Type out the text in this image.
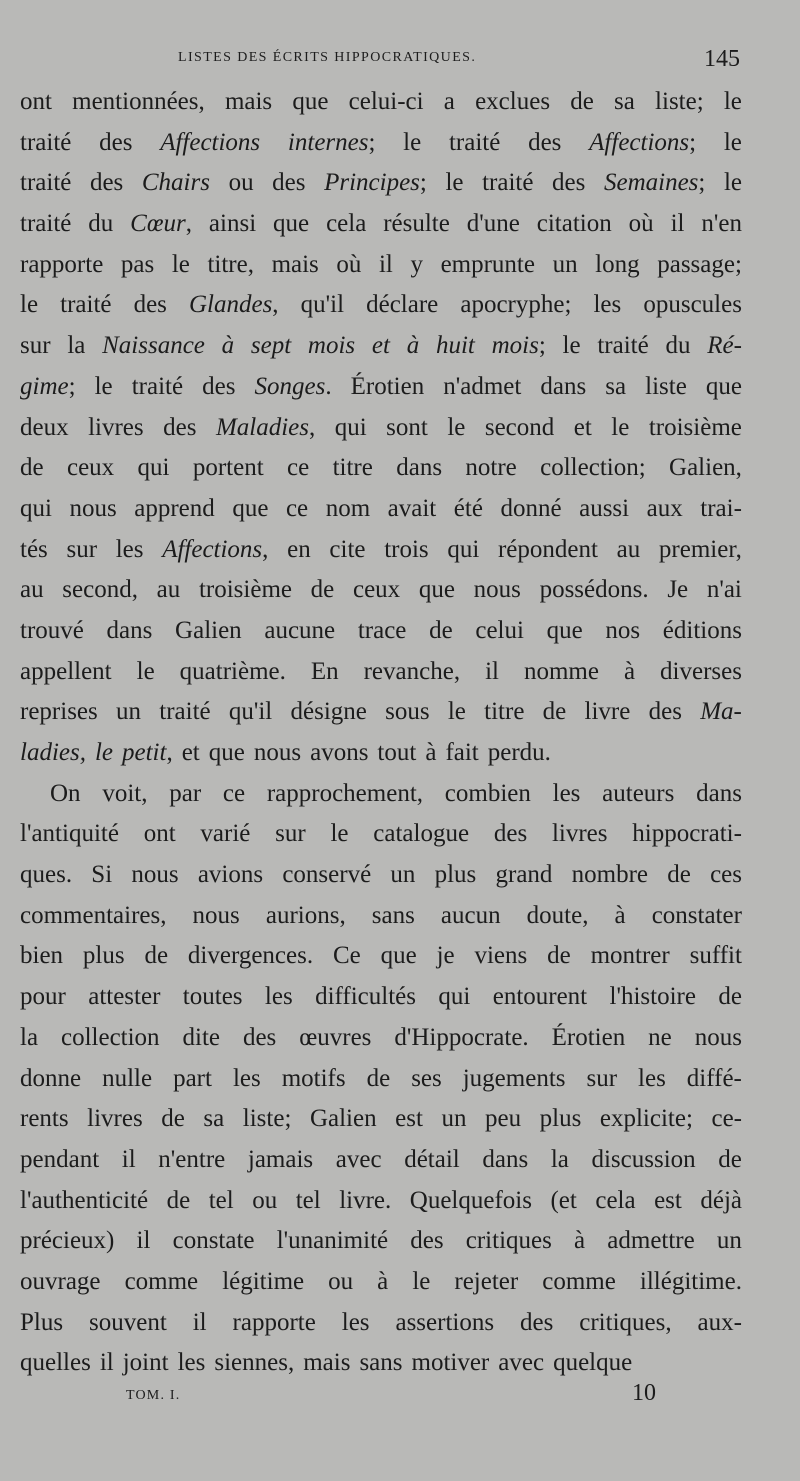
LISTES DES ÉCRITS HIPPOCRATIQUES.	145
ont mentionnées, mais que celui-ci a exclues de sa liste; le
traité des Affections internes; le traité des Affections; le
traité des Chairs ou des Principes; le traité des Semaines; le
traité du Cœur, ainsi que cela résulte d'une citation où il n'en
rapporte pas le titre, mais où il y emprunte un long passage;
le traité des Glandes, qu'il déclare apocryphe; les opuscules
sur la Naissance à sept mois et à huit mois; le traité du Ré-
gime; le traité des Songes. Érotien n'admet dans sa liste que
deux livres des Maladies, qui sont le second et le troisième
de ceux qui portent ce titre dans notre collection; Galien,
qui nous apprend que ce nom avait été donné aussi aux trai-
tés sur les Affections, en cite trois qui répondent au premier,
au second, au troisième de ceux que nous possédons. Je n'ai
trouvé dans Galien aucune trace de celui que nos éditions
appellent le quatrième. En revanche, il nomme à diverses
reprises un traité qu'il désigne sous le titre de livre des Ma-
ladies, le petit, et que nous avons tout à fait perdu.
On voit, par ce rapprochement, combien les auteurs dans
l'antiquité ont varié sur le catalogue des livres hippocrati-
ques. Si nous avions conservé un plus grand nombre de ces
commentaires, nous aurions, sans aucun doute, à constater
bien plus de divergences. Ce que je viens de montrer suffit
pour attester toutes les difficultés qui entourent l'histoire de
la collection dite des œuvres d'Hippocrate. Érotien ne nous
donne nulle part les motifs de ses jugements sur les diffé-
rents livres de sa liste; Galien est un peu plus explicite; ce-
pendant il n'entre jamais avec détail dans la discussion de
l'authenticité de tel ou tel livre. Quelquefois (et cela est déjà
précieux) il constate l'unanimité des critiques à admettre un
ouvrage comme légitime ou à le rejeter comme illégitime.
Plus souvent il rapporte les assertions des critiques, aux-
quelles il joint les siennes, mais sans motiver avec quelque
TOM. I.	10
